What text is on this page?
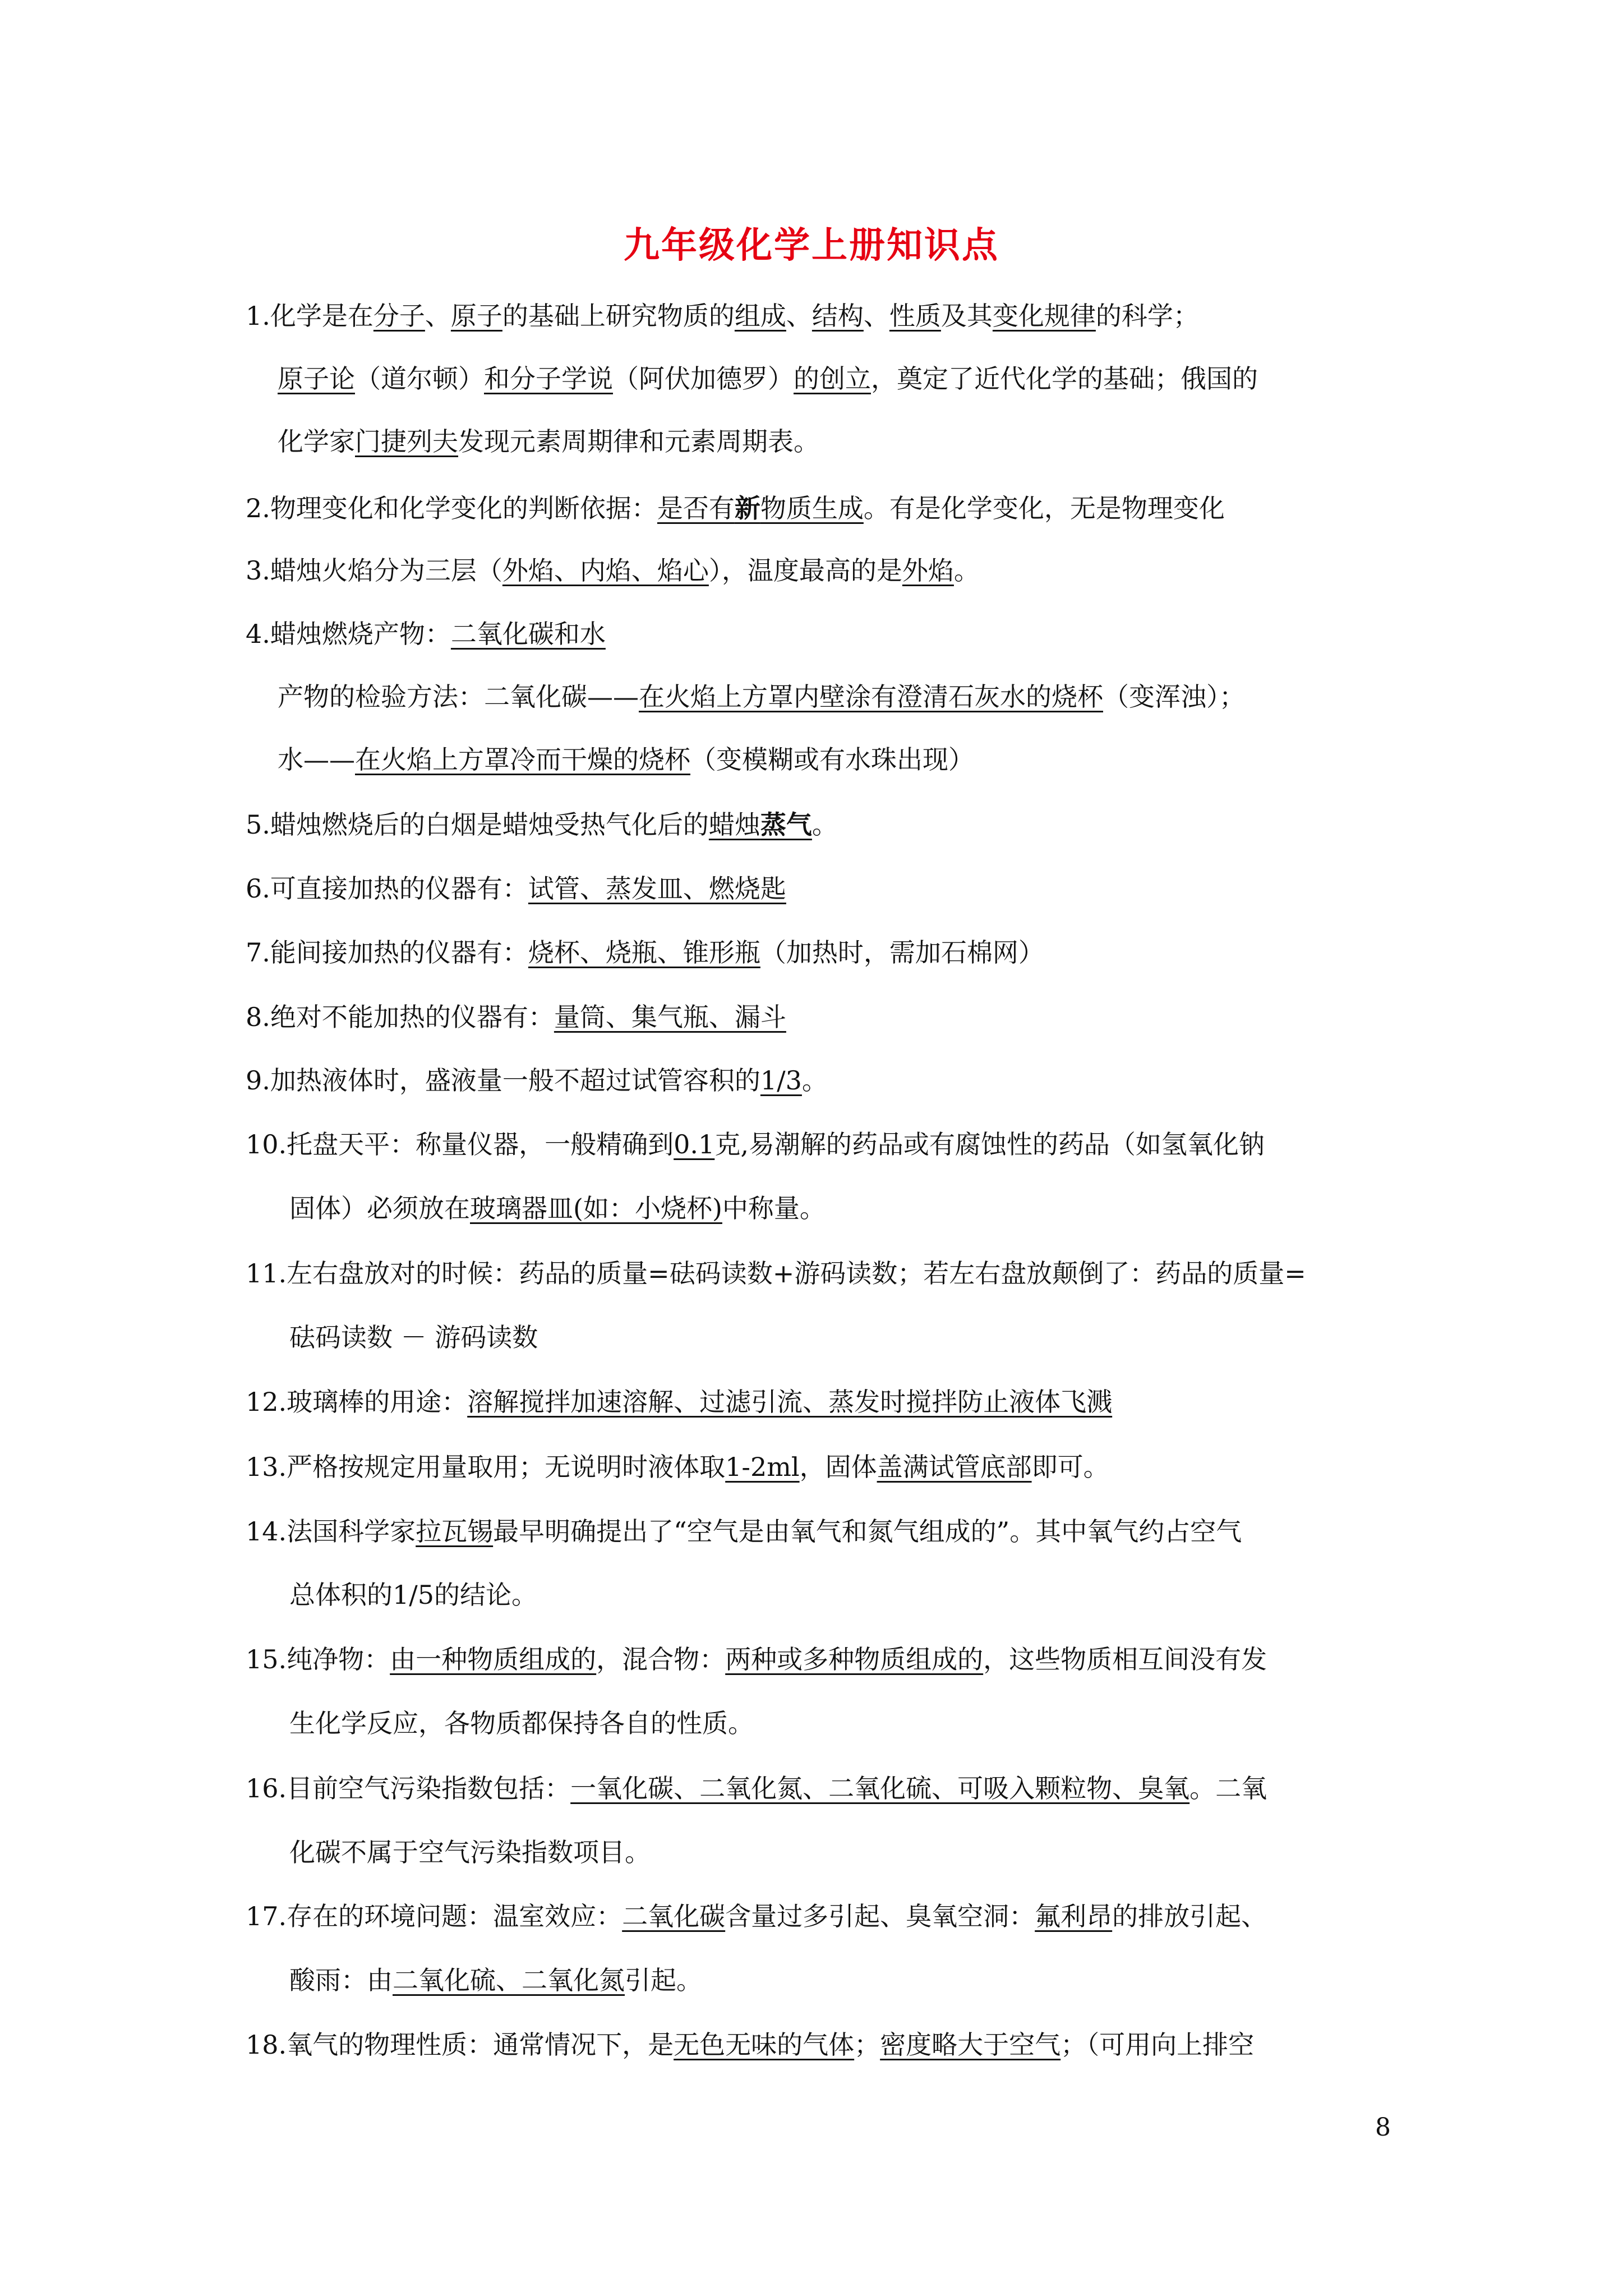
九年级化学上册知识点
1.化学是在分子、原子的基础上研究物质的组成、结构、性质及其变化规律的科学；
原子论（道尔顿）和分子学说（阿伏加德罗）的创立，奠定了近代化学的基础；俄国的
化学家门捷列夫发现元素周期律和元素周期表。
2.物理变化和化学变化的判断依据：是否有新物质生成。有是化学变化，无是物理变化
3.蜡烛火焰分为三层（外焰、内焰、焰心），温度最高的是外焰。
4.蜡烛燃烧产物：二氧化碳和水
产物的检验方法：二氧化碳——在火焰上方罩内壁涂有澄清石灰水的烧杯（变浑浊）；
水——在火焰上方罩冷而干燥的烧杯（变模糊或有水珠出现）
5.蜡烛燃烧后的白烟是蜡烛受热气化后的蜡烛蒸气。
6.可直接加热的仪器有：试管、蒸发皿、燃烧匙
7.能间接加热的仪器有：烧杯、烧瓶、锥形瓶（加热时，需加石棉网）
8.绝对不能加热的仪器有：量筒、集气瓶、漏斗
9.加热液体时，盛液量一般不超过试管容积的1/3。
10.托盘天平：称量仪器，一般精确到0.1克,易潮解的药品或有腐蚀性的药品（如氢氧化钠
固体）必须放在玻璃器皿(如：小烧杯)中称量。
11.左右盘放对的时候：药品的质量=砝码读数+游码读数；若左右盘放颠倒了：药品的质量=
砝码读数 － 游码读数
12.玻璃棒的用途：溶解搅拌加速溶解、过滤引流、蒸发时搅拌防止液体飞溅
13.严格按规定用量取用；无说明时液体取1-2ml，固体盖满试管底部即可。
14.法国科学家拉瓦锡最早明确提出了“空气是由氧气和氮气组成的”。其中氧气约占空气
总体积的1/5的结论。
15.纯净物：由一种物质组成的，混合物：两种或多种物质组成的，这些物质相互间没有发
生化学反应，各物质都保持各自的性质。
16.目前空气污染指数包括：一氧化碳、二氧化氮、二氧化硫、可吸入颗粒物、臭氧。二氧
化碳不属于空气污染指数项目。
17.存在的环境问题：温室效应：二氧化碳含量过多引起、臭氧空洞：氟利昂的排放引起、
酸雨：由二氧化硫、二氧化氮引起。
18.氧气的物理性质：通常情况下，是无色无味的气体；密度略大于空气；（可用向上排空
8
